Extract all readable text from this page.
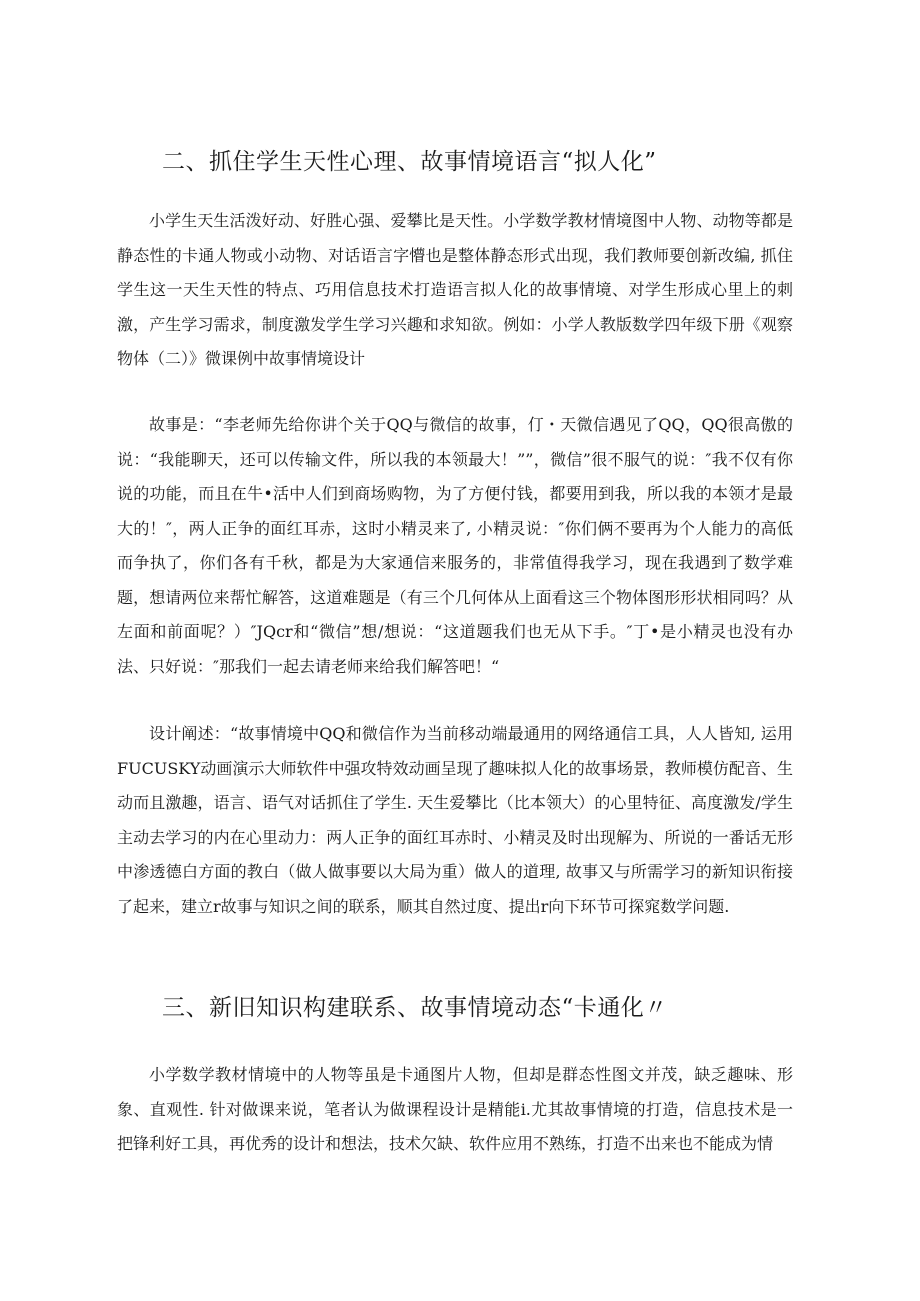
二、抓住学生天性心理、故事情境语言“拟人化”

小学生天生活泼好动、好胜心强、爱攀比是天性。小学数学教材情境图中人物、动物等都是静态性的卡通人物或小动物、对话语言字懵也是整体静态形式出现，我们教师要创新改编, 抓住学生这一天生天性的特点、巧用信息技术打造语言拟人化的故事情境、对学生形成心里上的刺激，产生学习需求，制度激发学生学习兴趣和求知欲。例如：小学人教版数学四年级下册《观察物体（二）》微课例中故事情境设计

故事是：“李老师先给你讲个关于QQ与微信的故事，仃・天微信遇见了QQ，QQ很高傲的说：“我能聊天，还可以传输文件，所以我的本领最大！””，微信”很不服气的说：″我不仅有你说的功能，而且在牛•活中人们到商场购物，为了方便付钱，都要用到我，所以我的本领才是最大的！″，两人正争的面红耳赤，这时小精灵来了, 小精灵说：″你们俩不要再为个人能力的高低而争执了，你们各有千秋，都是为大家通信来服务的，非常值得我学习，现在我遇到了数学难题，想请两位来帮忙解答，这道难题是（有三个几何体从上面看这三个物体图形形状相同吗？从左面和前面呢？）″JQcr和“微信”想/想说：“这道题我们也无从下手。″丁•是小精灵也没有办法、只好说：″那我们一起去请老师来给我们解答吧！“

设计阐述：“故事情境中QQ和微信作为当前移动端最通用的网络通信工具，人人皆知, 运用FUCUSKY动画演示大师软件中强攻特效动画呈现了趣味拟人化的故事场景，教师模仿配音、生动而且激趣，语言、语气对话抓住了学生. 天生爱攀比（比本领大）的心里特征、高度激发/学生主动去学习的内在心里动力：两人正争的面红耳赤时、小精灵及时出现解为、所说的一番话无形中渗透德白方面的教白（做人做事要以大局为重）做人的道理, 故事又与所需学习的新知识衔接了起来，建立r故事与知识之间的联系，顺其自然过度、提出r向下环节可探窕数学问题.

三、新旧知识构建联系、故事情境动态“卡通化〃

小学数学教材情境中的人物等虽是卡通图片人物，但却是群态性图文并茂，缺乏趣味、形象、直观性. 针对做课来说，笔者认为做课程设计是精能i.尤其故事情境的打造，信息技术是一把锋利好工具，再优秀的设计和想法，技术欠缺、软件应用不熟练，打造不出来也不能成为情
